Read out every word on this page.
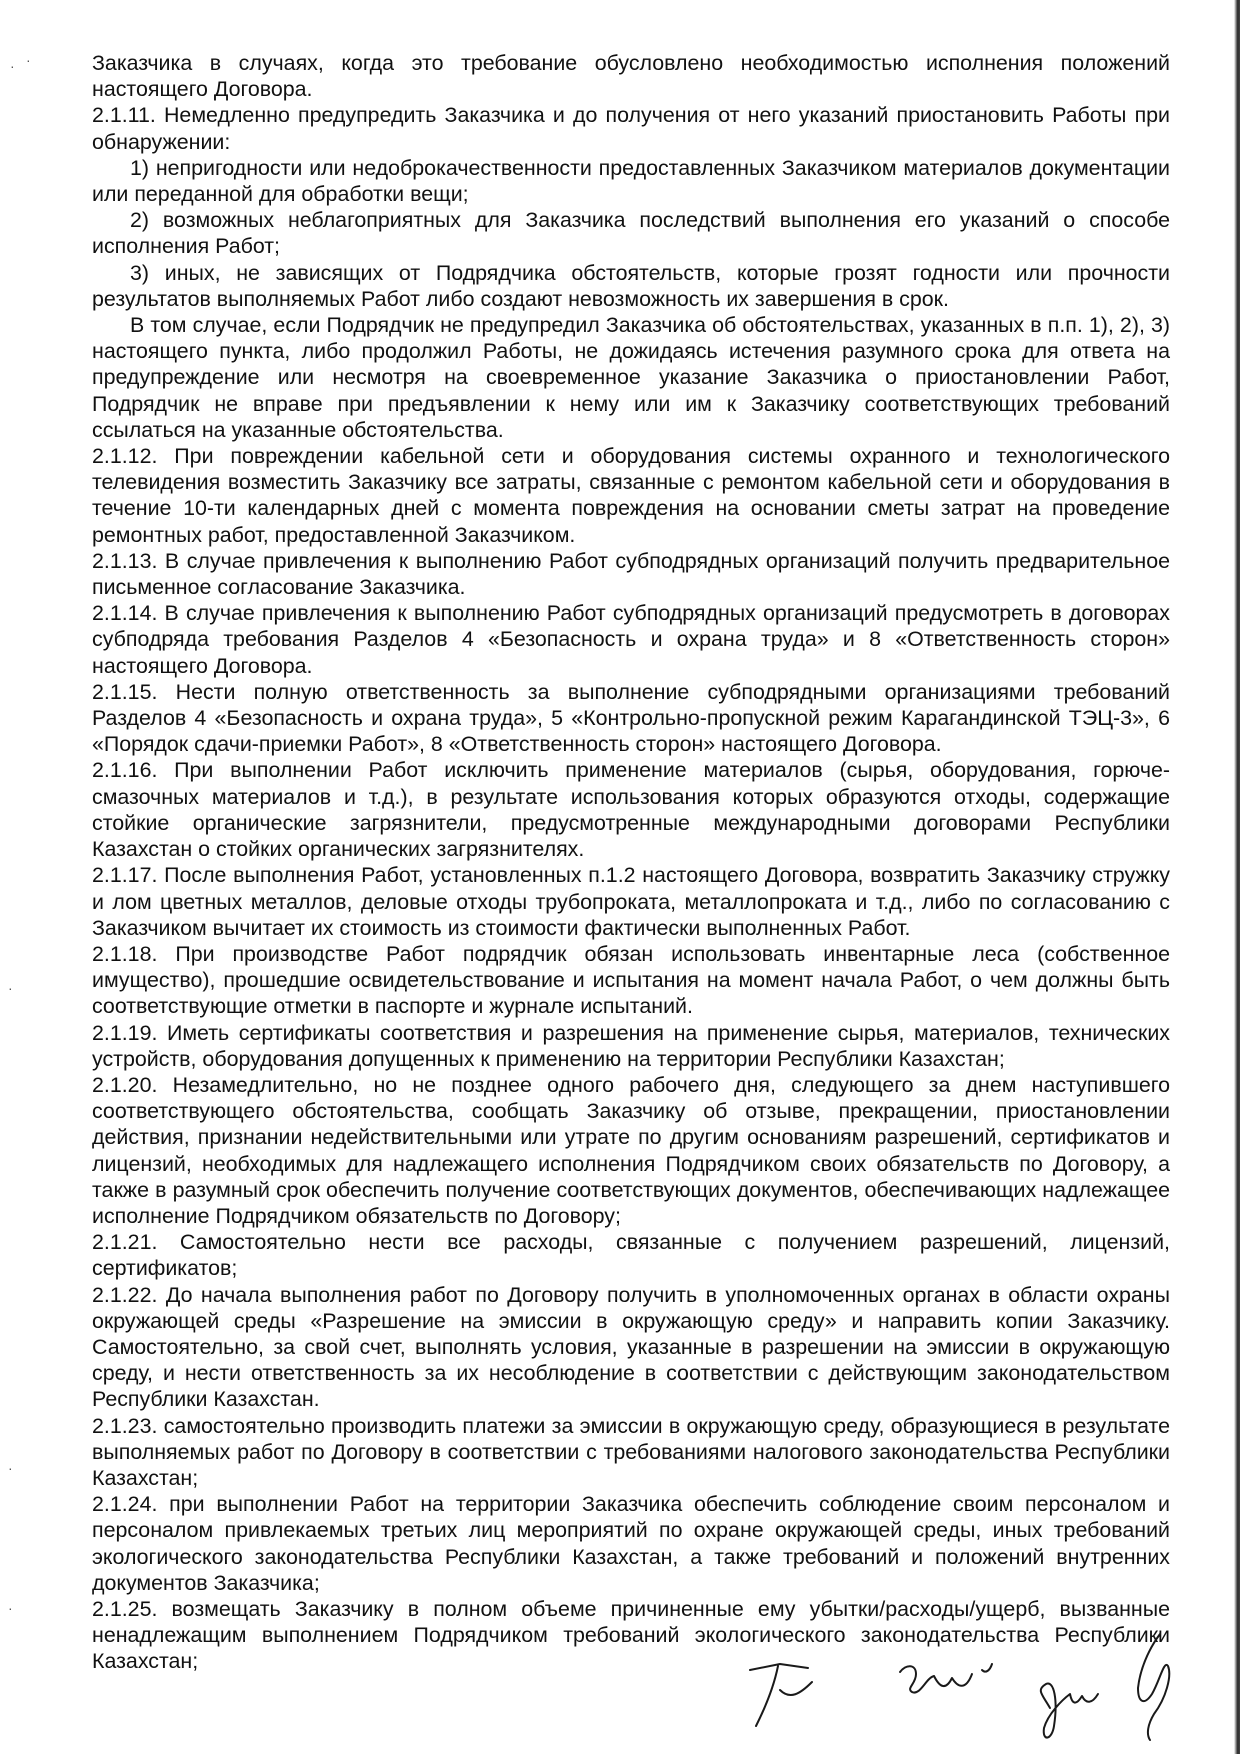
· ·
·
·
·

Заказчика в случаях, когда это требование обусловлено необходимостью исполнения положений настоящего Договора.

2.1.11. Немедленно предупредить Заказчика и до получения от него указаний приостановить Работы при обнаружении:

1) непригодности или недоброкачественности предоставленных Заказчиком материалов документации или переданной для обработки вещи;

2) возможных неблагоприятных для Заказчика последствий выполнения его указаний о способе исполнения Работ;

3) иных, не зависящих от Подрядчика обстоятельств, которые грозят годности или прочности результатов выполняемых Работ либо создают невозможность их завершения в срок.

В том случае, если Подрядчик не предупредил Заказчика об обстоятельствах, указанных в п.п. 1), 2), 3) настоящего пункта, либо продолжил Работы, не дожидаясь истечения разумного срока для ответа на предупреждение или несмотря на своевременное указание Заказчика о приостановлении Работ, Подрядчик не вправе при предъявлении к нему или им к Заказчику соответствующих требований ссылаться на указанные обстоятельства.

2.1.12. При повреждении кабельной сети и оборудования системы охранного и технологического телевидения возместить Заказчику все затраты, связанные с ремонтом кабельной сети и оборудования в течение 10-ти календарных дней с момента повреждения на основании сметы затрат на проведение ремонтных работ, предоставленной Заказчиком.

2.1.13. В случае привлечения к выполнению Работ субподрядных организаций получить предварительное письменное согласование Заказчика.

2.1.14. В случае привлечения к выполнению Работ субподрядных организаций предусмотреть в договорах субподряда требования Разделов 4 «Безопасность и охрана труда» и 8 «Ответственность сторон» настоящего Договора.

2.1.15. Нести полную ответственность за выполнение субподрядными организациями требований Разделов 4 «Безопасность и охрана труда», 5 «Контрольно-пропускной режим Карагандинской ТЭЦ-3», 6 «Порядок сдачи-приемки Работ», 8 «Ответственность сторон» настоящего Договора.

2.1.16. При выполнении Работ исключить применение материалов (сырья, оборудования, горюче-смазочных материалов и т.д.), в результате использования которых образуются отходы, содержащие стойкие органические загрязнители, предусмотренные международными договорами Республики Казахстан о стойких органических загрязнителях.

2.1.17. После выполнения Работ, установленных п.1.2 настоящего Договора, возвратить Заказчику стружку и лом цветных металлов, деловые отходы трубопроката, металлопроката и т.д., либо по согласованию с Заказчиком вычитает их стоимость из стоимости фактически выполненных Работ.

2.1.18. При производстве Работ подрядчик обязан использовать инвентарные леса (собственное имущество), прошедшие освидетельствование и испытания на момент начала Работ, о чем должны быть соответствующие отметки в паспорте и журнале испытаний.

2.1.19. Иметь сертификаты соответствия и разрешения на применение сырья, материалов, технических устройств, оборудования допущенных к применению на территории Республики Казахстан;

2.1.20. Незамедлительно, но не позднее одного рабочего дня, следующего за днем наступившего соответствующего обстоятельства, сообщать Заказчику об отзыве, прекращении, приостановлении действия, признании недействительными или утрате по другим основаниям разрешений, сертификатов и лицензий, необходимых для надлежащего исполнения Подрядчиком своих обязательств по Договору, а также в разумный срок обеспечить получение соответствующих документов, обеспечивающих надлежащее исполнение Подрядчиком обязательств по Договору;

2.1.21. Самостоятельно нести все расходы, связанные с получением разрешений, лицензий, сертификатов;

2.1.22. До начала выполнения работ по Договору получить в уполномоченных органах в области охраны окружающей среды «Разрешение на эмиссии в окружающую среду» и направить копии Заказчику. Самостоятельно, за свой счет, выполнять условия, указанные в разрешении на эмиссии в окружающую среду, и нести ответственность за их несоблюдение в соответствии с действующим законодательством Республики Казахстан.

2.1.23. самостоятельно производить платежи за эмиссии в окружающую среду, образующиеся в результате выполняемых работ по Договору в соответствии с требованиями налогового законодательства Республики Казахстан;

2.1.24. при выполнении Работ на территории Заказчика обеспечить соблюдение своим персоналом и персоналом привлекаемых третьих лиц мероприятий по охране окружающей среды, иных требований экологического законодательства Республики Казахстан, а также требований и положений внутренних документов Заказчика;

2.1.25. возмещать Заказчику в полном объеме причиненные ему убытки/расходы/ущерб, вызванные ненадлежащим выполнением Подрядчиком требований экологического законодательства Республики Казахстан;
